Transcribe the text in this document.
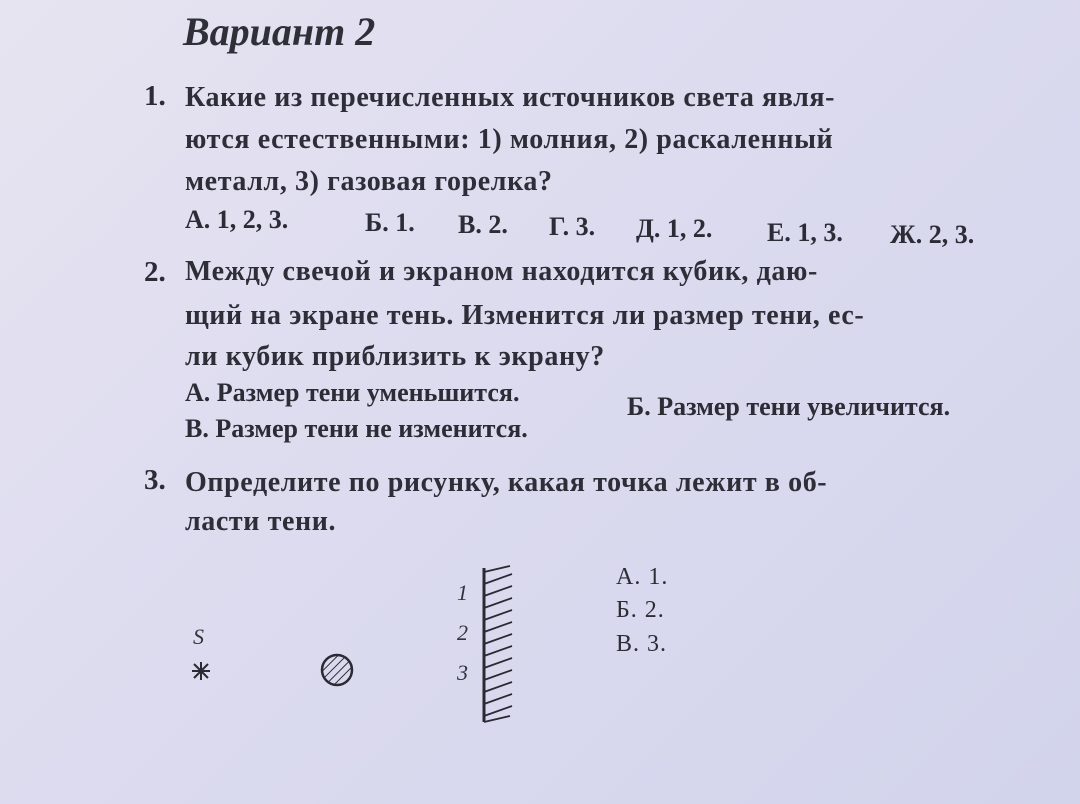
Вариант 2
1. Какие из перечисленных источников света явля-
ются естественными: 1) молния, 2) раскаленный
металл, 3) газовая горелка?
А. 1, 2, 3.	Б. 1. В. 2. Г. 3. Д. 1, 2. Е. 1, 3. Ж. 2, 3.
2. Между свечой и экраном находится кубик, даю-
щий на экране тень. Изменится ли размер тени, ес-
ли кубик приблизить к экрану?
А. Размер тени уменьшится.	Б. Размер тени увеличится.
В. Размер тени не изменится.
3. Определите по рисунку, какая точка лежит в об-
ласти тени.
А. 1.
Б. 2.
В. 3.
S
1
2
3
